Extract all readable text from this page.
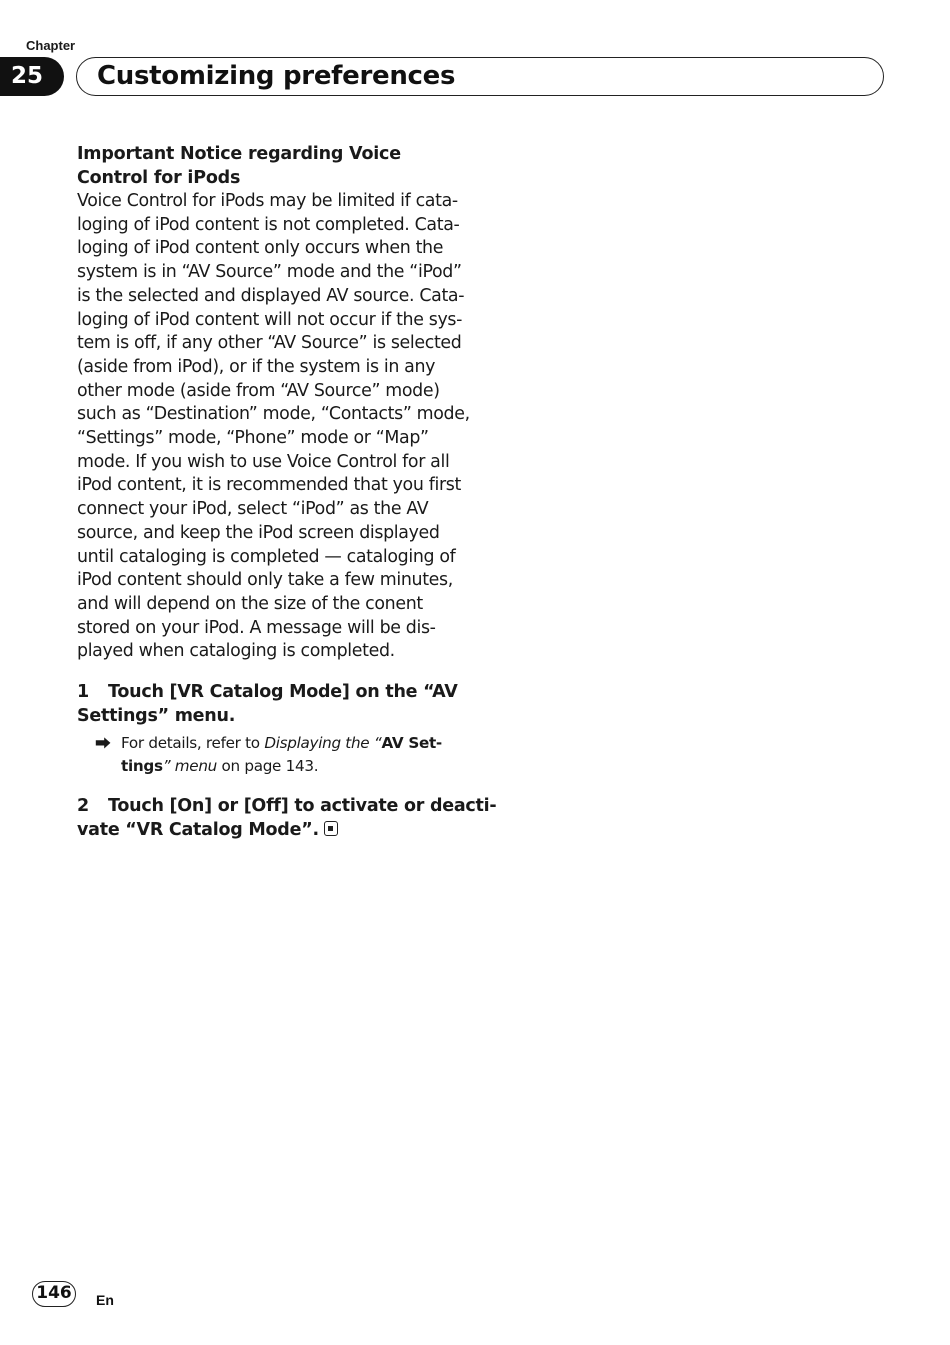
Chapter
25	Customizing preferences
Important Notice regarding Voice
Control for iPods

Voice Control for iPods may be limited if cata-
loging of iPod content is not completed. Cata-
loging of iPod content only occurs when the
system is in “AV Source” mode and the “iPod”
is the selected and displayed AV source. Cata-
loging of iPod content will not occur if the sys-
tem is off, if any other “AV Source” is selected
(aside from iPod), or if the system is in any
other mode (aside from “AV Source” mode)
such as “Destination” mode, “Contacts” mode,
“Settings” mode, “Phone” mode or “Map”
mode. If you wish to use Voice Control for all
iPod content, it is recommended that you first
connect your iPod, select “iPod” as the AV
source, and keep the iPod screen displayed
until cataloging is completed — cataloging of
iPod content should only take a few minutes,
and will depend on the size of the conent
stored on your iPod. A message will be dis-
played when cataloging is completed.

1 Touch [VR Catalog Mode] on the “AV
Settings” menu.
⮕ For details, refer to Displaying the “AV Set-
tings” menu on page 143.
2 Touch [On] or [Off] to activate or deacti-
vate “VR Catalog Mode”.
146	En
